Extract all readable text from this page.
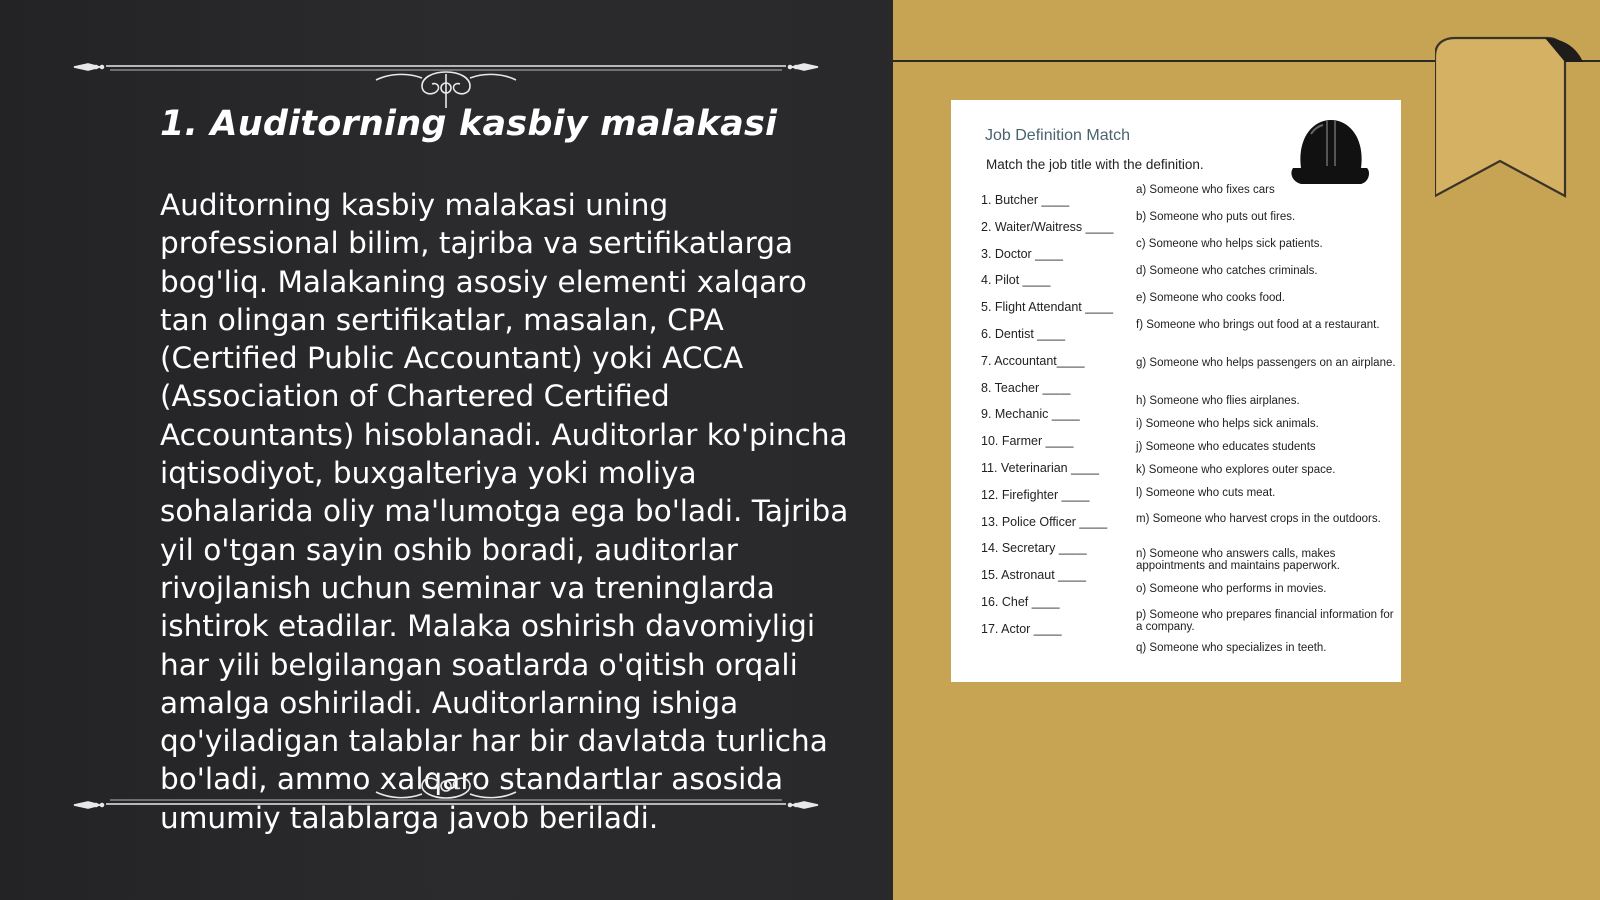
1. Auditorning kasbiy malakasi

Auditorning kasbiy malakasi uning professional bilim, tajriba va sertifikatlarga bog'liq. Malakaning asosiy elementi xalqaro tan olingan sertifikatlar, masalan, CPA (Certified Public Accountant) yoki ACCA (Association of Chartered Certified Accountants) hisoblanadi. Auditorlar ko'pincha iqtisodiyot, buxgalteriya yoki moliya sohalarida oliy ma'lumotga ega bo'ladi. Tajriba yil o'tgan sayin oshib boradi, auditorlar rivojlanish uchun seminar va treninglarda ishtirok etadilar. Malaka oshirish davomiyligi har yili belgilangan soatlarda o'qitish orqali amalga oshiriladi. Auditorlarning ishiga qo'yiladigan talablar har bir davlatda turlicha bo'ladi, ammo xalqaro standartlar asosida umumiy talablarga javob beriladi.

Job Definition Match
Match the job title with the definition.
1. Butcher ____
2. Waiter/Waitress ____
3. Doctor ____
4. Pilot ____
5. Flight Attendant ____
6. Dentist ____
7. Accountant____
8. Teacher ____
9. Mechanic ____
10. Farmer ____
11. Veterinarian ____
12. Firefighter ____
13. Police Officer ____
14. Secretary ____
15. Astronaut ____
16. Chef ____
17. Actor ____
a) Someone who fixes cars
b) Someone who puts out fires.
c) Someone who helps sick patients.
d) Someone who catches criminals.
e) Someone who cooks food.
f) Someone who brings out food at a restaurant.
g) Someone who helps passengers on an airplane.
h) Someone who flies airplanes.
i) Someone who helps sick animals.
j) Someone who educates students
k) Someone who explores outer space.
l) Someone who cuts meat.
m) Someone who harvest crops in the outdoors.
n) Someone who answers calls, makes appointments and maintains paperwork.
o) Someone who performs in movies.
p) Someone who prepares financial information for a company.
q) Someone who specializes in teeth.
